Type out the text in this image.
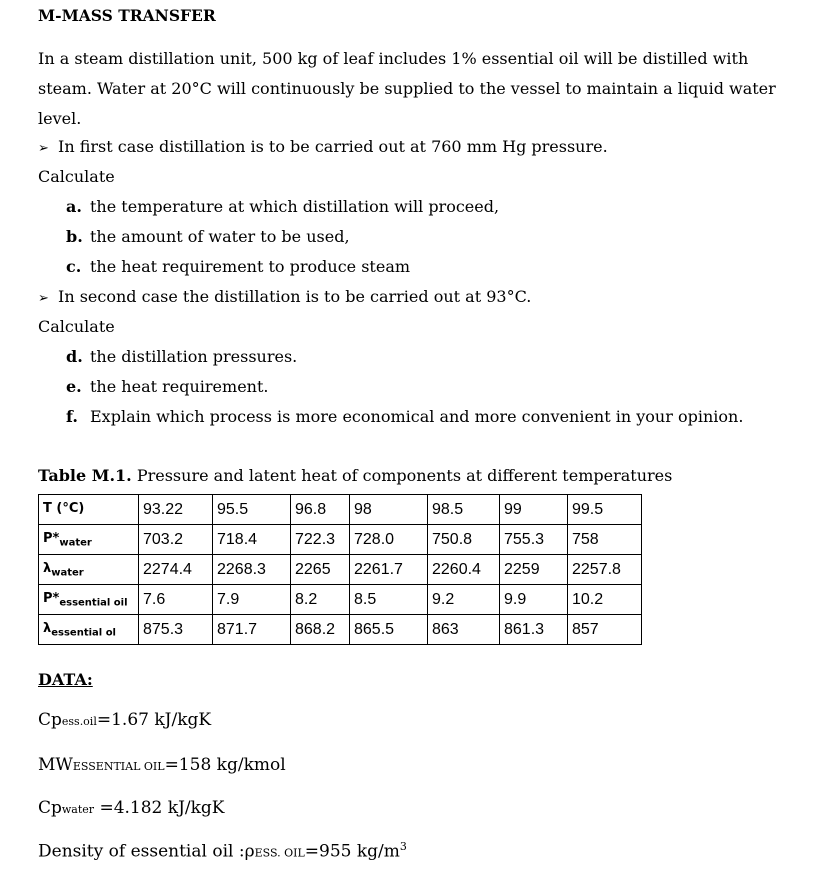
M-MASS TRANSFER
In a steam distillation unit, 500 kg of leaf includes 1% essential oil will be distilled with steam. Water at 20°C will continuously be supplied to the vessel to maintain a liquid water level.
➢ In first case distillation is to be carried out at 760 mm Hg pressure.
Calculate
a. the temperature at which distillation will proceed,
b. the amount of water to be used,
c. the heat requirement to produce steam
➢ In second case the distillation is to be carried out at 93°C.
Calculate
d. the distillation pressures.
e. the heat requirement.
f. Explain which process is more economical and more convenient in your opinion.
Table M.1. Pressure and latent heat of components at different temperatures
T (°C)	93.22	95.5	96.8	98	98.5	99	99.5
$P*_{water}$	703.2	718.4	722.3	728.0	750.8	755.3	758
$\lambda_{water}$	2274.4	2268.3	2265	2261.7	2260.4	2259	2257.8
$P*_{essential oil}$	7.6	7.9	8.2	8.5	9.2	9.9	10.2
$\lambda_{essential ol}$	875.3	871.7	868.2	865.5	863	861.3	857
DATA:
Cpess.oil=1.67 kJ/kgK
MWESSENTIAL OIL=158 kg/kmol
Cpwater =4.182 kJ/kgK
Density of essential oil :ρESS. OIL=955 $kg/m^3$
